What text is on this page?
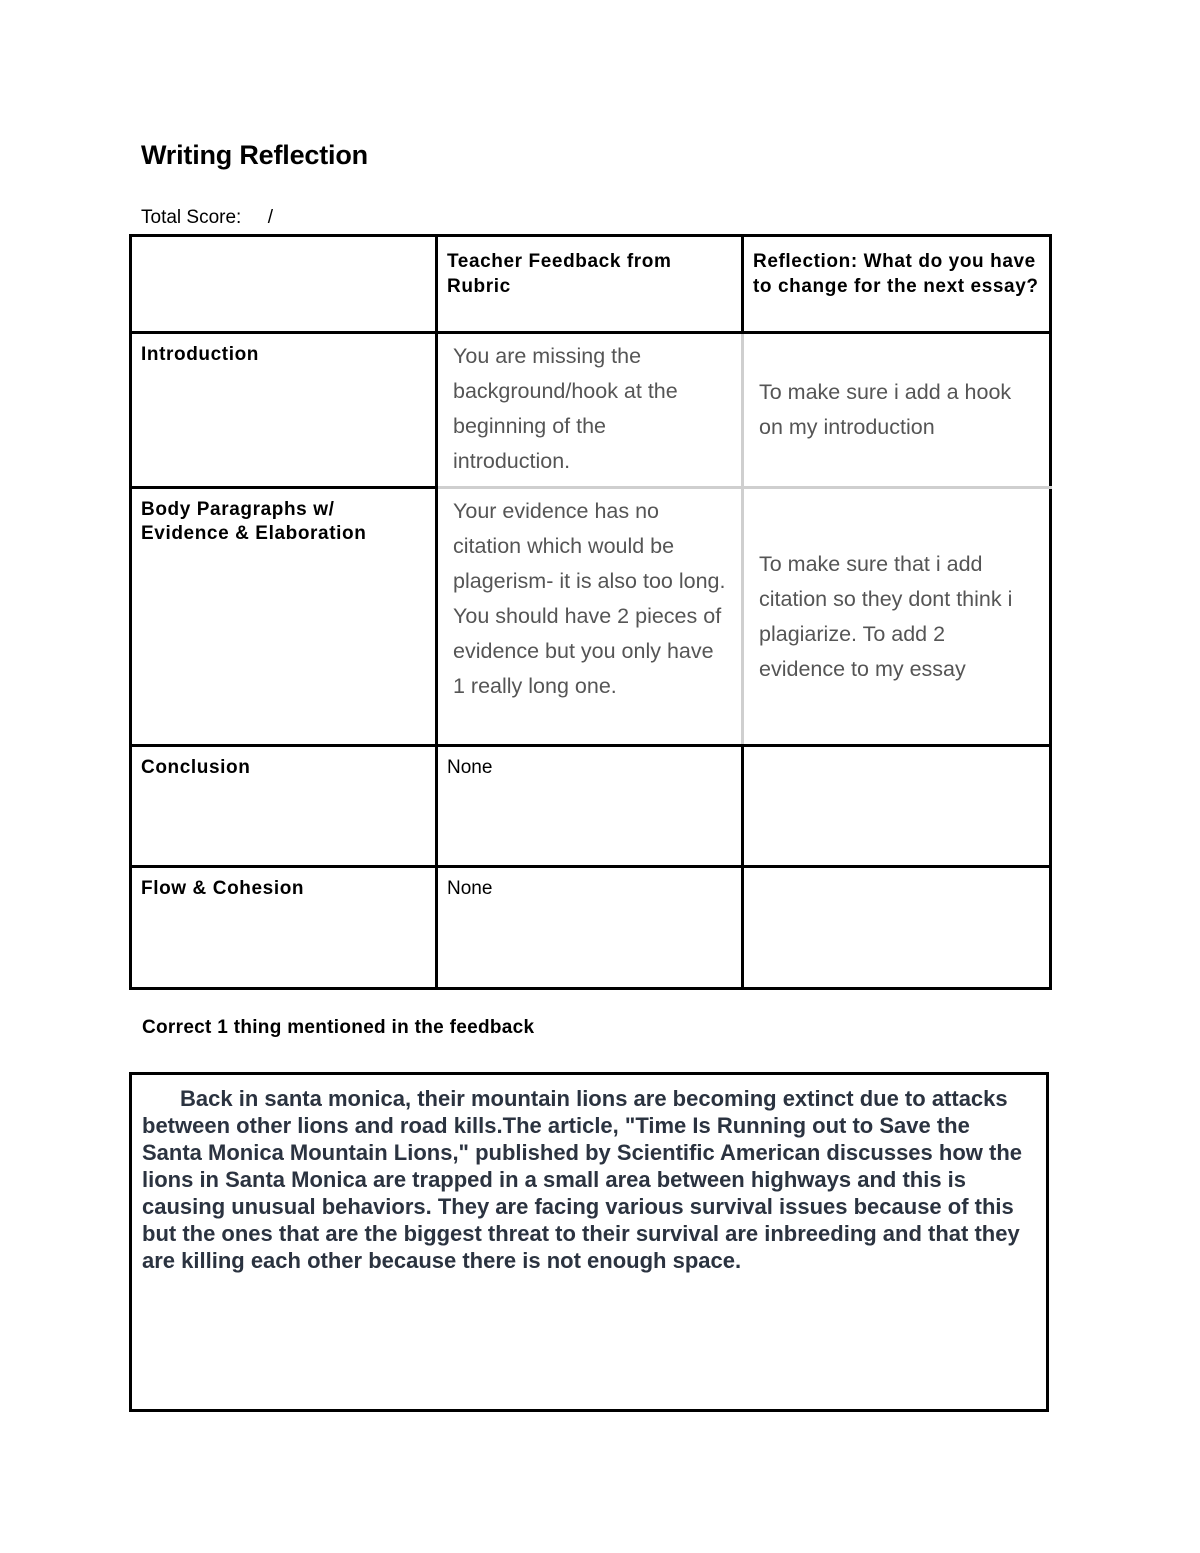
Writing Reflection
Total Score:     /

	Teacher Feedback from Rubric	Reflection: What do you have to change for the next essay?

Introduction	You are missing the background/hook at the beginning of the introduction.	To make sure i add a hook on my introduction

Body Paragraphs w/ Evidence & Elaboration	Your evidence has no citation which would be plagerism- it is also too long. You should have 2 pieces of evidence but you only have 1 really long one.	To make sure that i add citation so they dont think i plagiarize. To add 2 evidence to my essay

Conclusion	None	

Flow & Cohesion	None	

Correct 1 thing mentioned in the feedback
Back in santa monica, their mountain lions are becoming extinct due to attacks between other lions and road kills.The article, "Time Is Running out to Save the Santa Monica Mountain Lions," published by Scientific American discusses how the lions in Santa Monica are trapped in a small area between highways and this is causing unusual behaviors. They are facing various survival issues because of this but the ones that are the biggest threat to their survival are inbreeding and that they are killing each other because there is not enough space.
